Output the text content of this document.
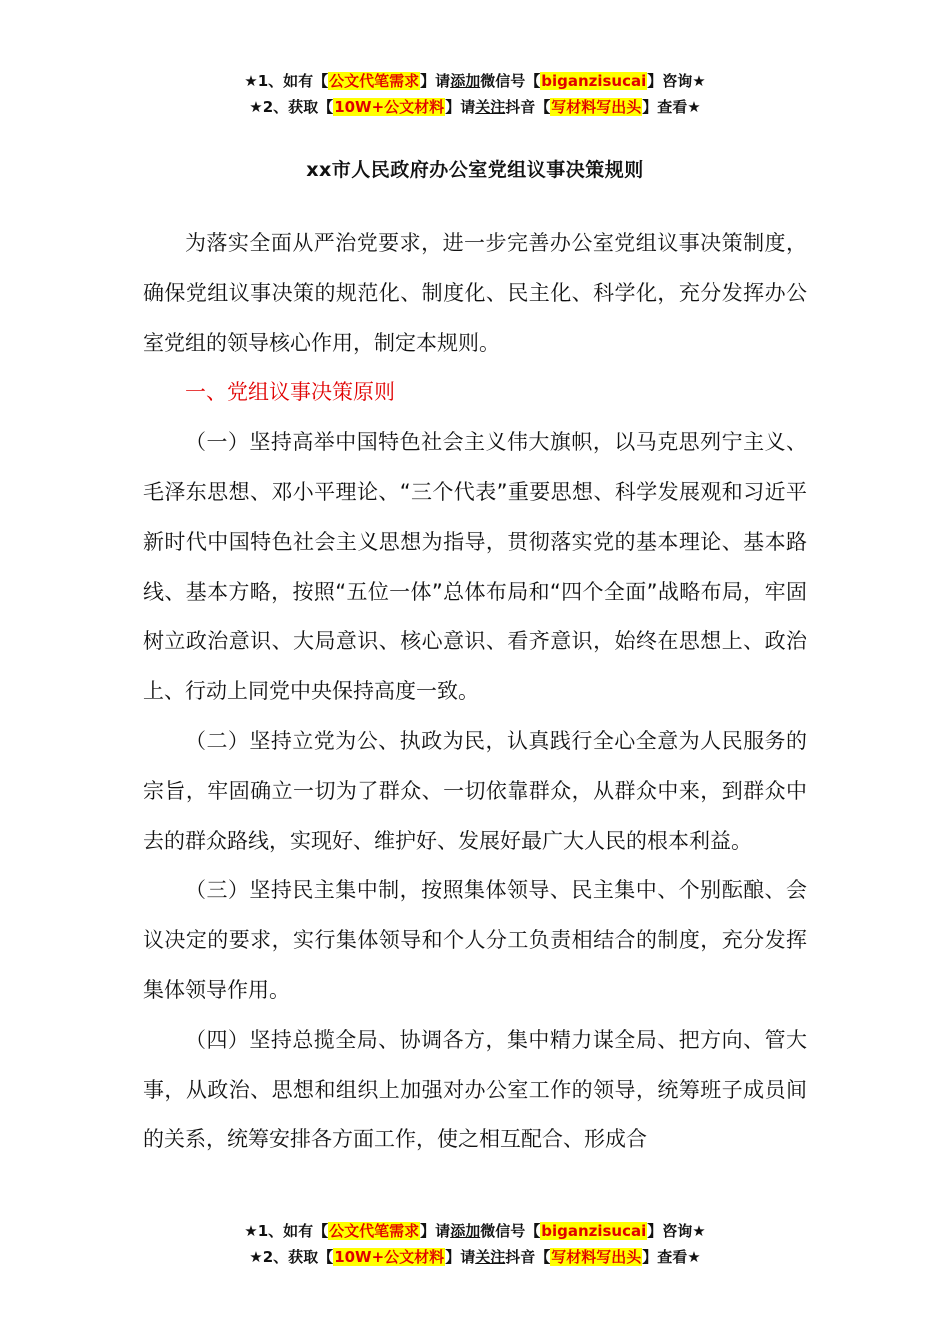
★1、如有【公文代笔需求】请添加微信号【biganzisucai】咨询★
★2、获取【10W+公文材料】请关注抖音【写材料写出头】查看★
xx市人民政府办公室党组议事决策规则

为落实全面从严治党要求，进一步完善办公室党组议事决策制度，确保党组议事决策的规范化、制度化、民主化、科学化，充分发挥办公室党组的领导核心作用，制定本规则。

一、党组议事决策原则

（一）坚持高举中国特色社会主义伟大旗帜，以马克思列宁主义、毛泽东思想、邓小平理论、“三个代表”重要思想、科学发展观和习近平新时代中国特色社会主义思想为指导，贯彻落实党的基本理论、基本路线、基本方略，按照“五位一体”总体布局和“四个全面”战略布局，牢固树立政治意识、大局意识、核心意识、看齐意识，始终在思想上、政治上、行动上同党中央保持高度一致。

（二）坚持立党为公、执政为民，认真践行全心全意为人民服务的宗旨，牢固确立一切为了群众、一切依靠群众，从群众中来，到群众中去的群众路线，实现好、维护好、发展好最广大人民的根本利益。

（三）坚持民主集中制，按照集体领导、民主集中、个别酝酿、会议决定的要求，实行集体领导和个人分工负责相结合的制度，充分发挥集体领导作用。

（四）坚持总揽全局、协调各方，集中精力谋全局、把方向、管大事，从政治、思想和组织上加强对办公室工作的领导，统筹班子成员间的关系，统筹安排各方面工作，使之相互配合、形成合

★1、如有【公文代笔需求】请添加微信号【biganzisucai】咨询★
★2、获取【10W+公文材料】请关注抖音【写材料写出头】查看★
